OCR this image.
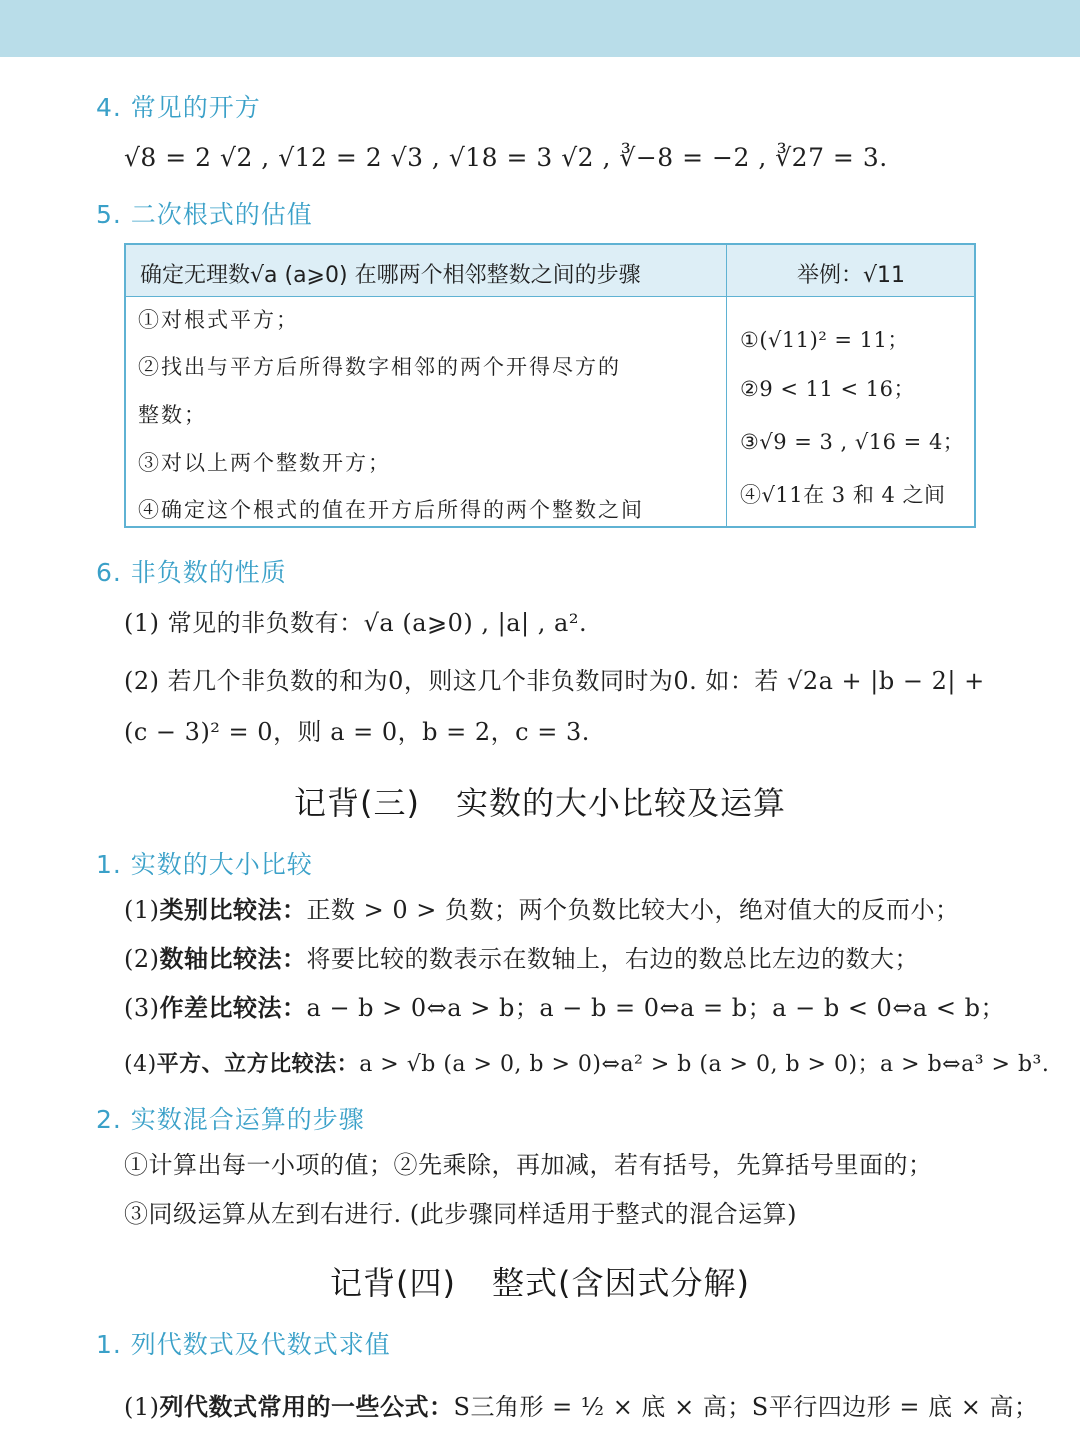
4. 常见的开方
√8 = 2 √2 , √12 = 2 √3 , √18 = 3 √2 , ∛−8 = −2 , ∛27 = 3.
5. 二次根式的估值
确定无理数√a (a⩾0) 在哪两个相邻整数之间的步骤	举例：√11
①对根式平方；
②找出与平方后所得数字相邻的两个开得尽方的
整数；
③对以上两个整数开方；
④确定这个根式的值在开方后所得的两个整数之间
①(√11)² = 11；
②9 < 11 < 16；
③√9 = 3 , √16 = 4；
④√11在 3 和 4 之间
6. 非负数的性质
(1) 常见的非负数有：√a (a⩾0) , |a| , a².
(2) 若几个非负数的和为0，则这几个非负数同时为0. 如：若 √2a + |b − 2| +
(c − 3)² = 0，则 a = 0，b = 2，c = 3.
记背(三) 实数的大小比较及运算
1. 实数的大小比较
(1)类别比较法：正数 > 0 > 负数；两个负数比较大小，绝对值大的反而小；
(2)数轴比较法：将要比较的数表示在数轴上，右边的数总比左边的数大；
(3)作差比较法：a − b > 0⇔a > b；a − b = 0⇔a = b；a − b < 0⇔a < b；
(4)平方、立方比较法：a > √b (a > 0, b > 0)⇔a² > b (a > 0, b > 0)；a > b⇔a³ > b³.
2. 实数混合运算的步骤
①计算出每一小项的值；②先乘除，再加减，若有括号，先算括号里面的；
③同级运算从左到右进行. (此步骤同样适用于整式的混合运算)
记背(四) 整式(含因式分解)
1. 列代数式及代数式求值
(1)列代数式常用的一些公式：S三角形 = ½ × 底 × 高；S平行四边形 = 底 × 高；
